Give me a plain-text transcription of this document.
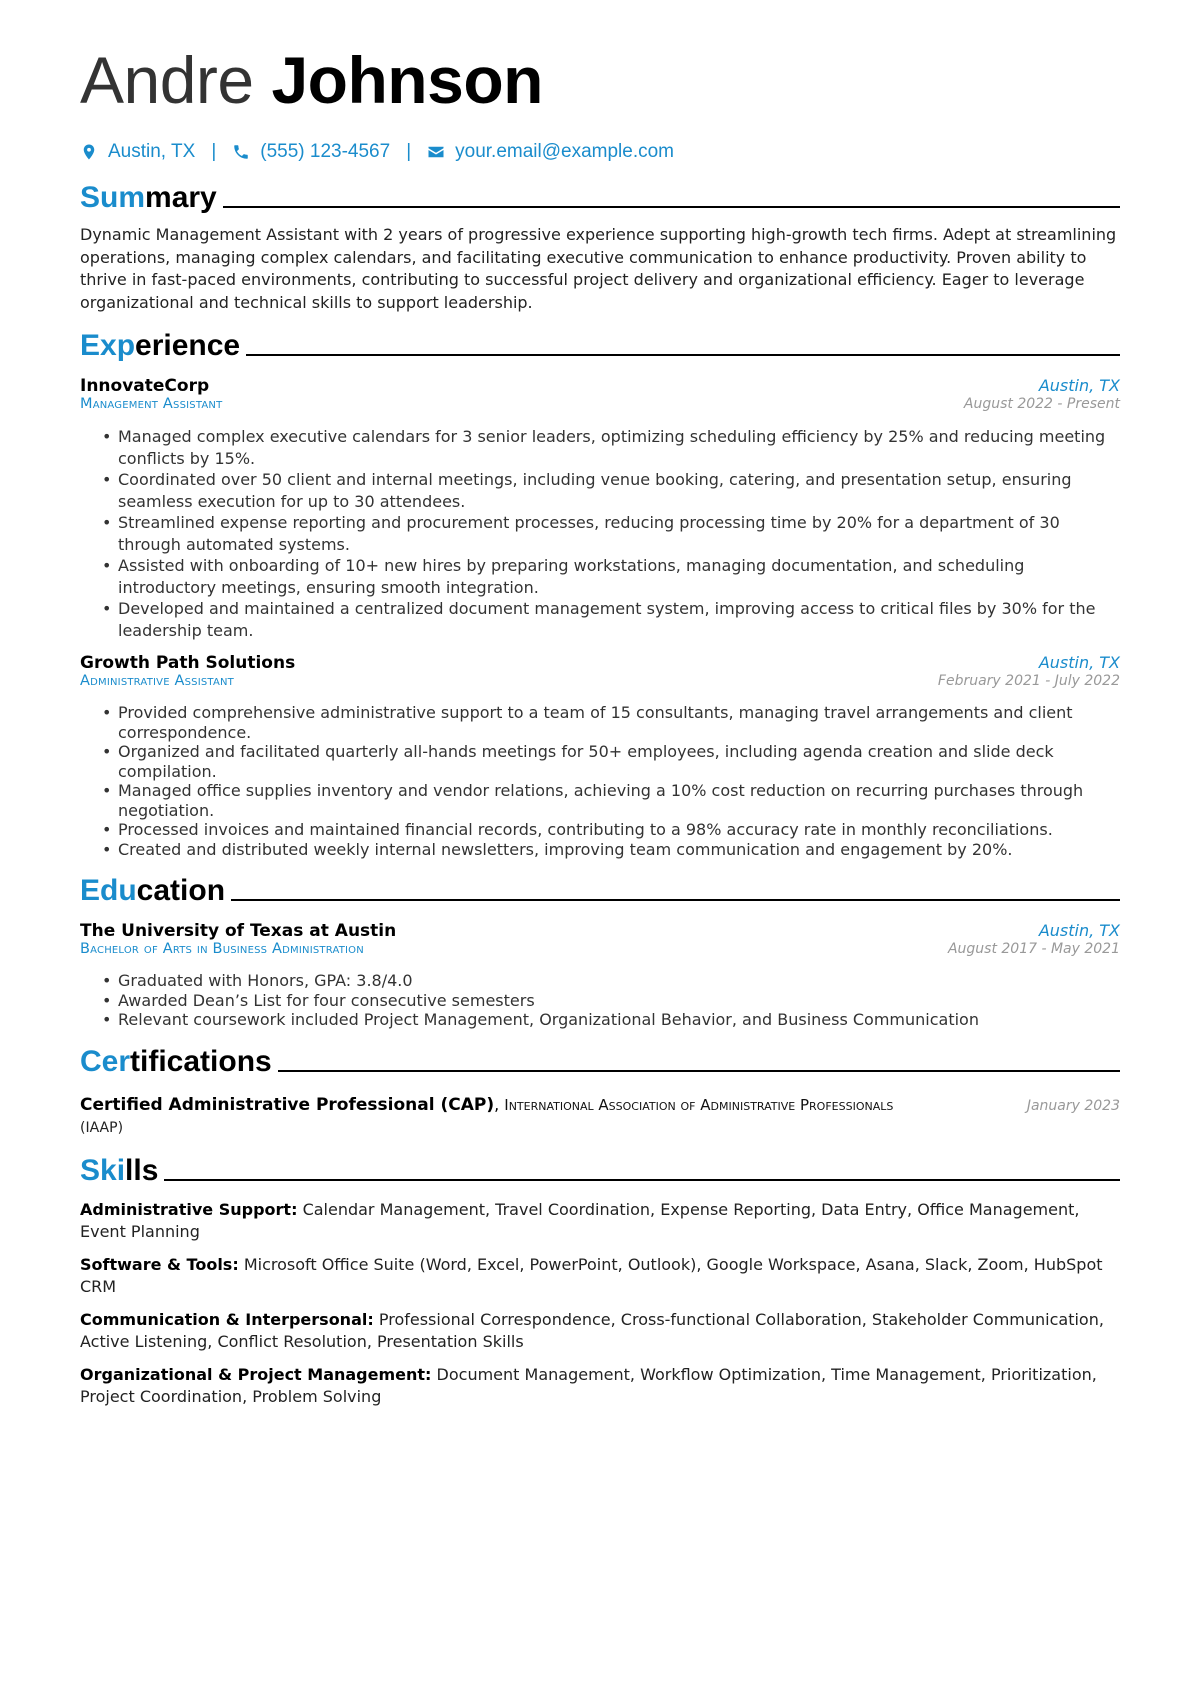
Andre Johnson
Austin, TX | (555) 123-4567 | your.email@example.com
Summary

Dynamic Management Assistant with 2 years of progressive experience supporting high-growth tech firms. Adept at streamlining operations, managing complex calendars, and facilitating executive communication to enhance productivity. Proven ability to thrive in fast-paced environments, contributing to successful project delivery and organizational efficiency. Eager to leverage organizational and technical skills to support leadership.

Experience
InnovateCorp	Austin, TX
Management Assistant	August 2022 - Present
• Managed complex executive calendars for 3 senior leaders, optimizing scheduling efficiency by 25% and reducing meeting conflicts by 15%.
• Coordinated over 50 client and internal meetings, including venue booking, catering, and presentation setup, ensuring seamless execution for up to 30 attendees.
• Streamlined expense reporting and procurement processes, reducing processing time by 20% for a department of 30 through automated systems.
• Assisted with onboarding of 10+ new hires by preparing workstations, managing documentation, and scheduling introductory meetings, ensuring smooth integration.
• Developed and maintained a centralized document management system, improving access to critical files by 30% for the leadership team.
Growth Path Solutions	Austin, TX
Administrative Assistant	February 2021 - July 2022
• Provided comprehensive administrative support to a team of 15 consultants, managing travel arrangements and client correspondence.
• Organized and facilitated quarterly all-hands meetings for 50+ employees, including agenda creation and slide deck compilation.
• Managed office supplies inventory and vendor relations, achieving a 10% cost reduction on recurring purchases through negotiation.
• Processed invoices and maintained financial records, contributing to a 98% accuracy rate in monthly reconciliations.
• Created and distributed weekly internal newsletters, improving team communication and engagement by 20%.
Education
The University of Texas at Austin	Austin, TX
Bachelor of Arts in Business Administration	August 2017 - May 2021
• Graduated with Honors, GPA: 3.8/4.0
• Awarded Dean’s List for four consecutive semesters
• Relevant coursework included Project Management, Organizational Behavior, and Business Communication
Certifications
Certified Administrative Professional (CAP), International Association of Administrative Professionals
(IAAP)
January 2023
Skills
Administrative Support: Calendar Management, Travel Coordination, Expense Reporting, Data Entry, Office Management, Event Planning
Software & Tools: Microsoft Office Suite (Word, Excel, PowerPoint, Outlook), Google Workspace, Asana, Slack, Zoom, HubSpot CRM
Communication & Interpersonal: Professional Correspondence, Cross-functional Collaboration, Stakeholder Communication, Active Listening, Conflict Resolution, Presentation Skills
Organizational & Project Management: Document Management, Workflow Optimization, Time Management, Prioritization, Project Coordination, Problem Solving
